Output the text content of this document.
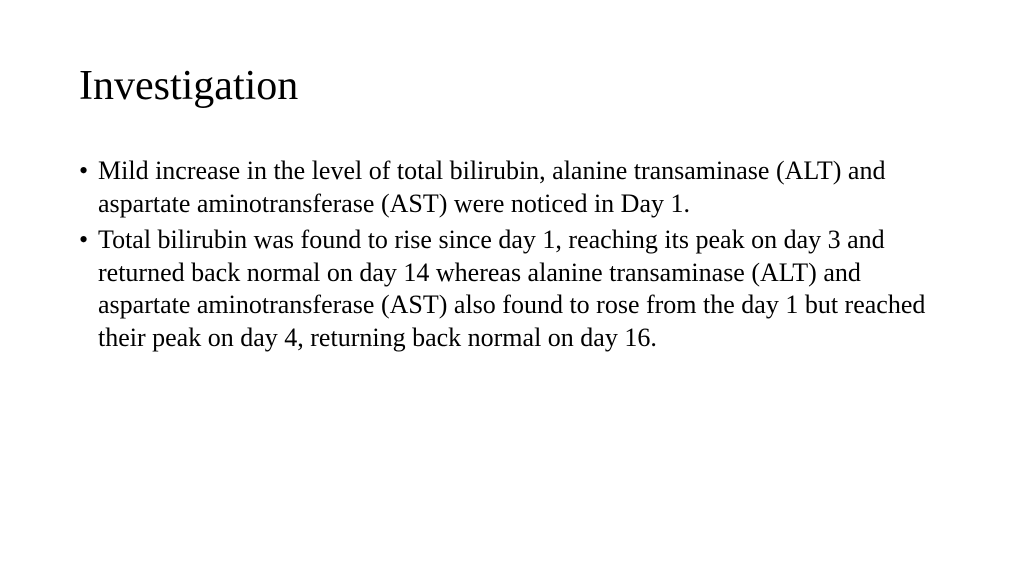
Investigation
• Mild increase in the level of total bilirubin, alanine transaminase (ALT) and aspartate aminotransferase (AST) were noticed in Day 1.
• Total bilirubin was found to rise since day 1, reaching its peak on day 3 and returned back normal on day 14 whereas alanine transaminase (ALT) and aspartate aminotransferase (AST) also found to rose from the day 1 but reached their peak on day 4, returning back normal on day 16.
